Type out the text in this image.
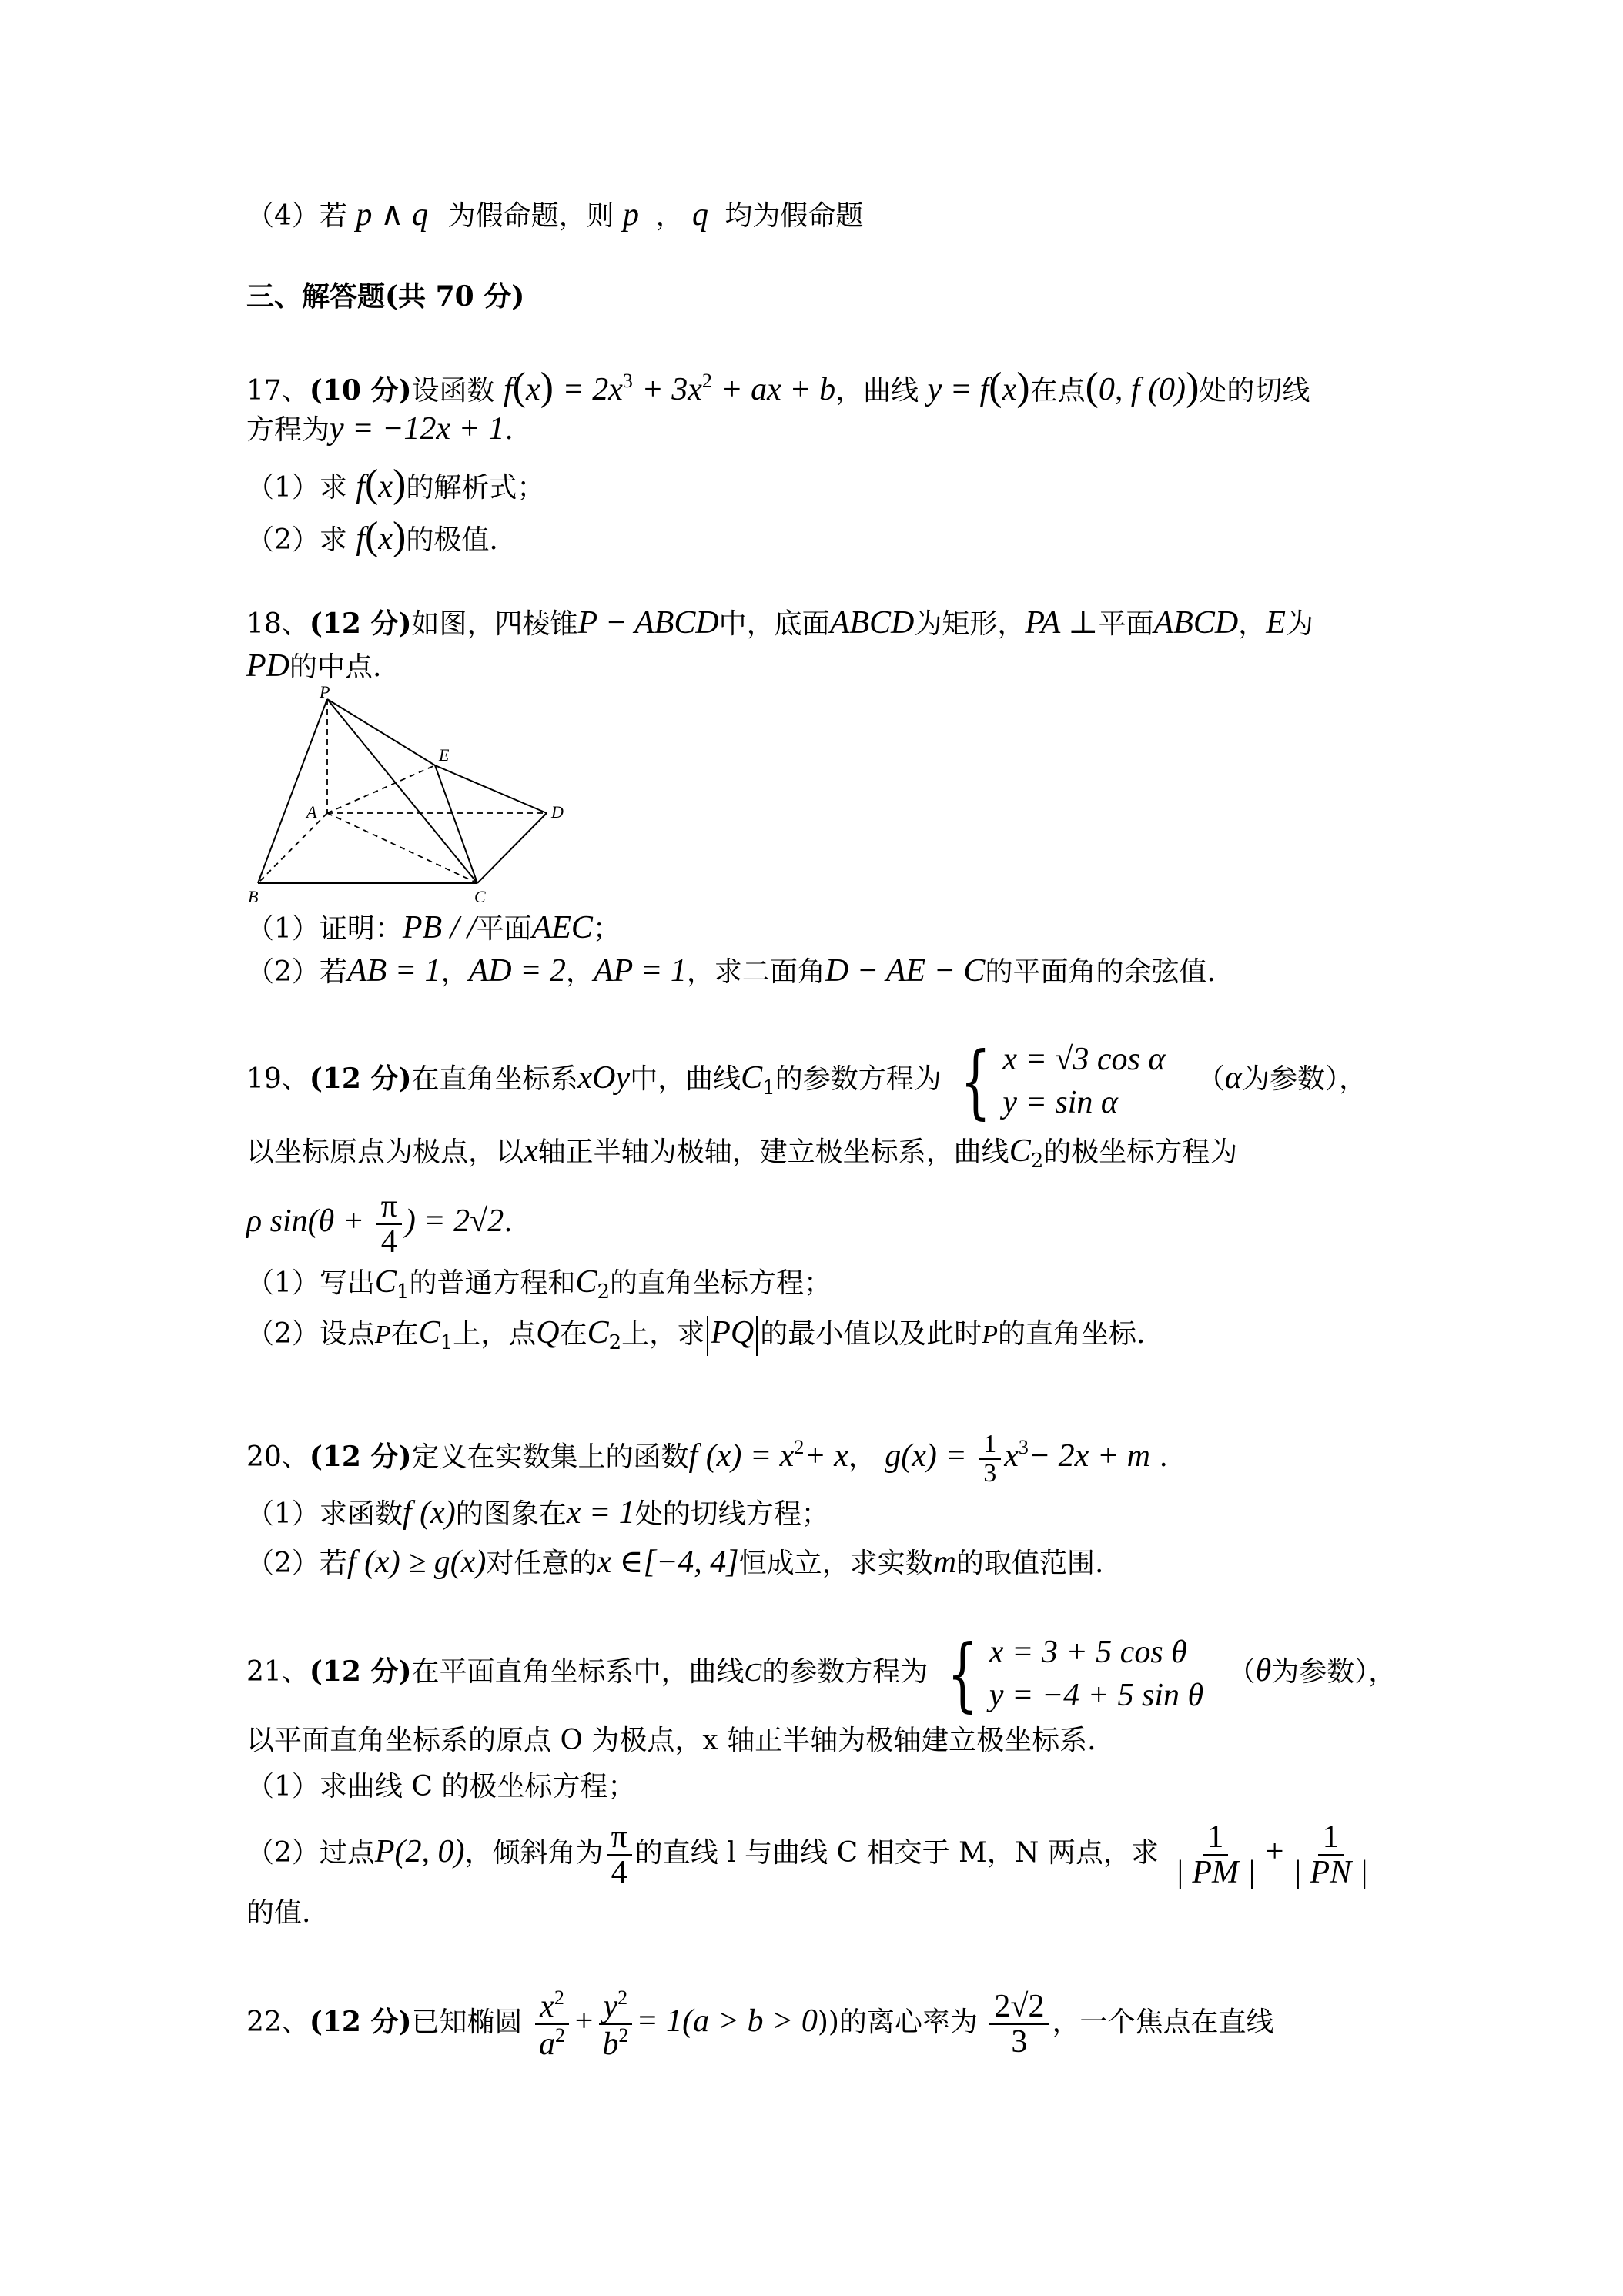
（4）若 p ∧ q 为假命题，则 p ， q 均为假命题
三、解答题(共 70 分)
17、(10 分)设函数 $f(x) = 2x^3 + 3x^2$ + ax + b，曲线 y = f(x)在点(0, f (0))处的切线
方程为y = −12x + 1.
（1）求 f(x)的解析式；
（2）求 f(x)的极值.
18、(12 分)如图，四棱锥P − ABCD中，底面ABCD为矩形，PA ⊥平面ABCD，E为
PD的中点.
P
E
A	D
B	C
（1）证明：PB / /平面AEC；
（2）若AB = 1，AD = 2，AP = 1，求二面角D − AE − C的平面角的余弦值.
19、(12 分)在直角坐标系xOy中，曲线$C_1$的参数方程为 { x = √3 cos α
y = sin α
（α为参数），
以坐标原点为极点，以x轴正半轴为极轴，建立极坐标系，曲线$C_2$的极坐标方程为
ρ $\sin(\theta + \frac{\pi}{4}$ ) = 2√2.
（1）写出$C_1$的普通方程和$C_2$的直角坐标方程；
（2）设点P在$C_1$上，点Q在$C_2$上，求 PQ 的最小值以及此时P的直角坐标.
20、(12 分)定义在实数集上的函数f $(x) = x^2+ x$， $g(x) = \frac{1}{3} x^3- 2x + m$ .
（1）求函数f (x)的图象在x = 1处的切线方程；
（2）若f (x) ≥ g(x)对任意的x ∈[−4, 4]恒成立，求实数m的取值范围.
21、(12 分)在平面直角坐标系中，曲线C的参数方程为 { x = 3 + 5 cos θ
y = −4 + 5 sin θ
（θ为参数），
以平面直角坐标系的原点 O 为极点，x 轴正半轴为极轴建立极坐标系.
（1）求曲线 C 的极坐标方程；
（2）过点P(2, 0)，倾斜角为 $\frac{\pi}{4}$ 的直线 l 与曲线 C 相交于 M，N 两点，求 $\frac{1}{| PM |} + \frac{1}{| PN |}$
的值.
22、(12 分)已知椭圆 $\frac{x^2}{a^2} + \frac{y^2}{b^2} = 1(a > b > 0)$)的离心率为 $\frac{2√2}{3}$ ，一个焦点在直线
